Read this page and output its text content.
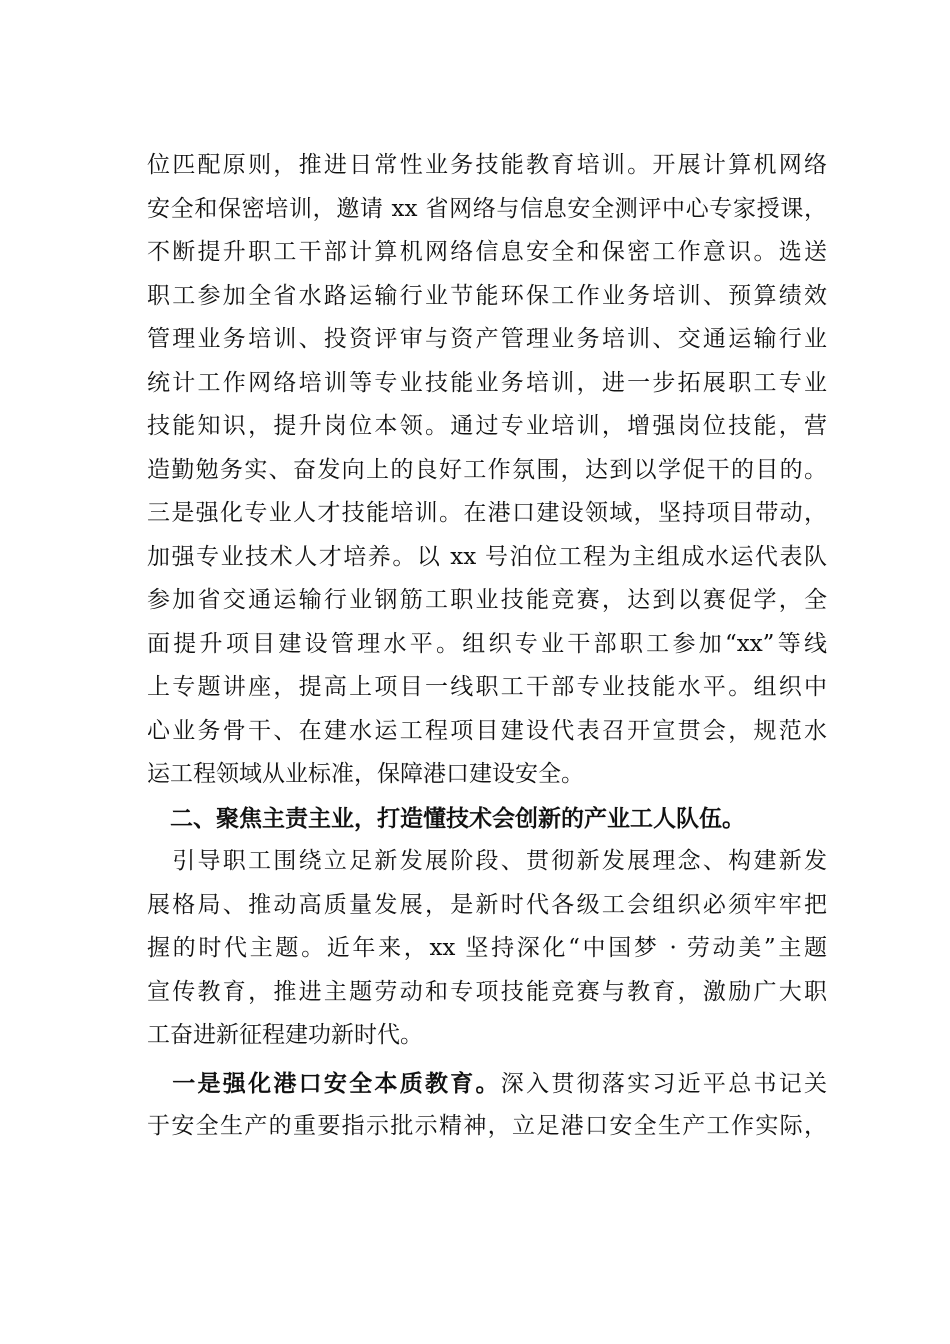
位匹配原则，推进日常性业务技能教育培训。开展计算机网络
安全和保密培训，邀请 xx 省网络与信息安全测评中心专家授课，
不断提升职工干部计算机网络信息安全和保密工作意识。选送
职工参加全省水路运输行业节能环保工作业务培训、预算绩效
管理业务培训、投资评审与资产管理业务培训、交通运输行业
统计工作网络培训等专业技能业务培训，进一步拓展职工专业
技能知识，提升岗位本领。通过专业培训，增强岗位技能，营
造勤勉务实、奋发向上的良好工作氛围，达到以学促干的目的。
三是强化专业人才技能培训。在港口建设领域，坚持项目带动，
加强专业技术人才培养。以 xx 号泊位工程为主组成水运代表队
参加省交通运输行业钢筋工职业技能竞赛，达到以赛促学，全
面提升项目建设管理水平。组织专业干部职工参加“xx”等线
上专题讲座，提高上项目一线职工干部专业技能水平。组织中
心业务骨干、在建水运工程项目建设代表召开宣贯会，规范水
运工程领域从业标准，保障港口建设安全。
　二、聚焦主责主业，打造懂技术会创新的产业工人队伍。
　引导职工围绕立足新发展阶段、贯彻新发展理念、构建新发
展格局、推动高质量发展，是新时代各级工会组织必须牢牢把
握的时代主题。近年来，xx 坚持深化“中国梦 · 劳动美”主题
宣传教育，推进主题劳动和专项技能竞赛与教育，激励广大职
工奋进新征程建功新时代。
　一是强化港口安全本质教育。深入贯彻落实习近平总书记关
于安全生产的重要指示批示精神，立足港口安全生产工作实际，
